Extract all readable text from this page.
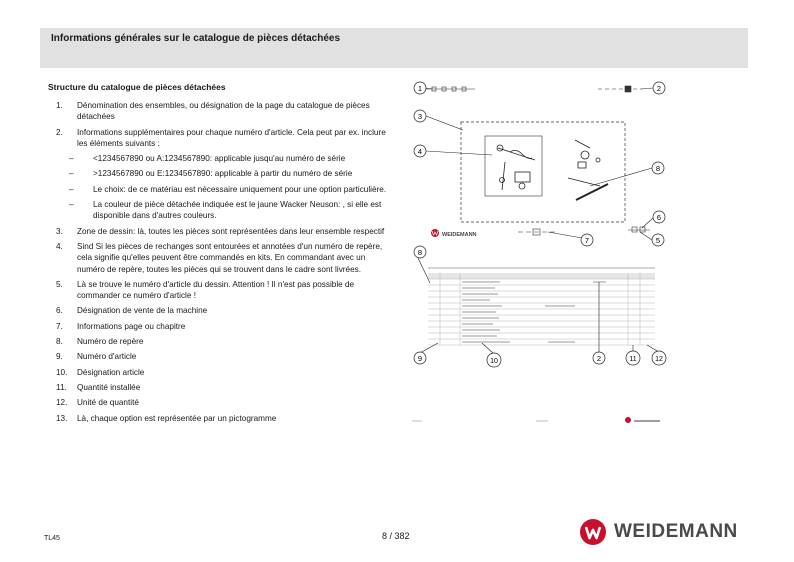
Informations générales sur le catalogue de pièces détachées
Structure du catalogue de pièces détachées
1.	Dénomination des ensembles, ou désignation de la page du catalogue de pièces détachées
2.	Informations supplémentaires pour chaque numéro d'article. Cela peut par ex. inclure les éléments suivants :
– <1234567890 ou A:1234567890: applicable jusqu'au numéro de série
– >1234567890 ou E:1234567890: applicable à partir du numéro de série
– Le choix: de ce matériau est nécessaire uniquement pour une option particulière.
– La couleur de pièce détachée indiquée est le jaune Wacker Neuson: , si elle est disponible dans d'autres couleurs.
3.	Zone de dessin: là, toutes les pièces sont représentées dans leur ensemble respectif
4.	Sind Si les pièces de rechanges sont entourées et annotées d'un numéro de repère, cela signifie qu'elles peuvent être commandés en kits. En commandant avec un numéro de repère, toutes les pièces qui se trouvent dans le cadre sont livrées.
5.	Là se trouve le numéro d'article du dessin. Attention ! Il n'est pas possible de commander ce numéro d'article !
6.	Désignation de vente de la machine
7.	Informations page ou chapitre
8.	Numéro de repère
9.	Numéro d'article
10.	Désignation article
11.	Quantité installée
12.	Unité de quantité
13.	Là, chaque option est représentée par un pictogramme
WEIDEMANN
1	2
3
4
5
6
7
8
8
2
9	10	11	12
TL45	8 / 382	WEIDEMANN
